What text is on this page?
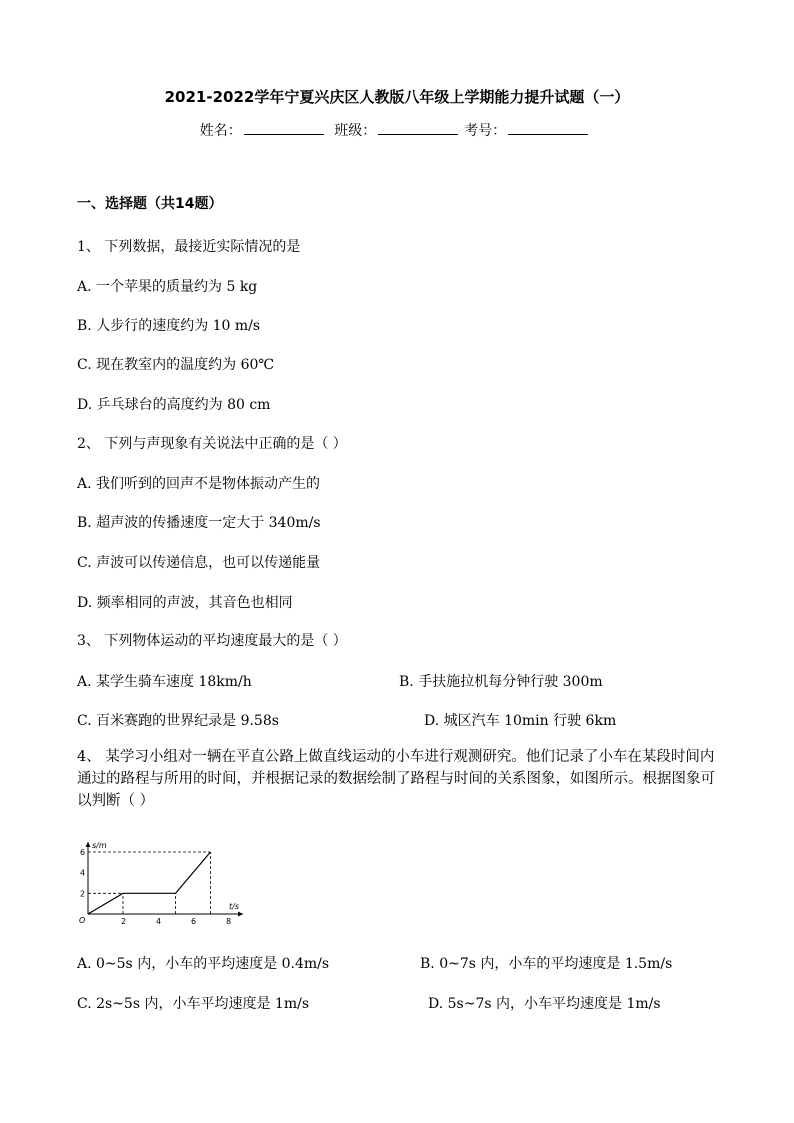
2021-2022学年宁夏兴庆区人教版八年级上学期能力提升试题（一）
姓名：	班级：	考号：
一、选择题（共14题）
1、 下列数据，最接近实际情况的是
A. 一个苹果的质量约为 5 kg
B. 人步行的速度约为 10 m/s
C. 现在教室内的温度约为 60℃
D. 乒乓球台的高度约为 80 cm
2、 下列与声现象有关说法中正确的是（ ）
A. 我们听到的回声不是物体振动产生的
B. 超声波的传播速度一定大于 340m/s
C. 声波可以传递信息，也可以传递能量
D. 频率相同的声波，其音色也相同
3、 下列物体运动的平均速度最大的是（ ）
A. 某学生骑车速度 18km/h	B. 手扶施拉机每分钟行驶 300m
C. 百米赛跑的世界纪录是 9.58s	D. 城区汽车 10min 行驶 6km
4、 某学习小组对一辆在平直公路上做直线运动的小车进行观测研究。他们记录了小车在某段时间内通过的路程与所用的时间，并根据记录的数据绘制了路程与时间的关系图象，如图所示。根据图象可以判断（ ）
s/m
t/s
O	2	4	6	8
2
4
6
A. 0~5s 内，小车的平均速度是 0.4m/s	B. 0~7s 内，小车的平均速度是 1.5m/s
C. 2s~5s 内，小车平均速度是 1m/s	D. 5s~7s 内，小车平均速度是 1m/s
